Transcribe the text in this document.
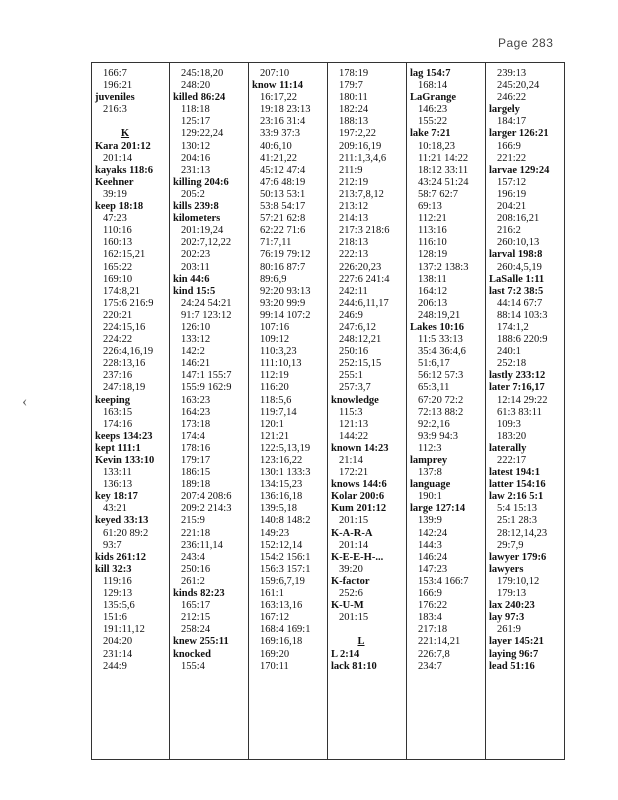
Page 283
166:7
196:21
juveniles
216:3
K
Kara 201:12
201:14
kayaks 118:6
Keehner
39:19
keep 18:18
47:23
110:16
160:13
162:15,21
165:22
169:10
174:8,21
175:6 216:9
220:21
224:15,16
224:22
226:4,16,19
228:13,16
237:16
247:18,19
keeping
163:15
174:16
keeps 134:23
kept 111:1
Kevin 133:10
133:11
136:13
key 18:17
43:21
keyed 33:13
61:20 89:2
93:7
kids 261:12
kill 32:3
119:16
129:13
135:5,6
151:6
191:11,12
204:20
231:14
244:9
245:18,20
248:20
killed 86:24
118:18
125:17
129:22,24
130:12
204:16
231:13
killing 204:6
205:2
kills 239:8
kilometers
201:19,24
202:7,12,22
202:23
203:11
kin 44:6
kind 15:5
24:24 54:21
91:7 123:12
126:10
133:12
142:2
146:21
147:1 155:7
155:9 162:9
163:23
164:23
173:18
174:4
178:16
179:17
186:15
189:18
207:4 208:6
209:2 214:3
215:9
221:18
236:11,14
243:4
250:16
261:2
kinds 82:23
165:17
212:15
258:24
knew 255:11
knocked
155:4
207:10
know 11:14
16:17,22
19:18 23:13
23:16 31:4
33:9 37:3
40:6,10
41:21,22
45:12 47:4
47:6 48:19
50:13 53:1
53:8 54:17
57:21 62:8
62:22 71:6
71:7,11
76:19 79:12
80:16 87:7
89:6,9
92:20 93:13
93:20 99:9
99:14 107:2
107:16
109:12
110:3,23
111:10,13
112:19
116:20
118:5,6
119:7,14
120:1
121:21
122:5,13,19
123:16,22
130:1 133:3
134:15,23
136:16,18
139:5,18
140:8 148:2
149:23
152:12,14
154:2 156:1
156:3 157:1
159:6,7,19
161:1
163:13,16
167:12
168:4 169:1
169:16,18
169:20
170:11
178:19
179:7
180:11
182:24
188:13
197:2,22
209:16,19
211:1,3,4,6
211:9
212:19
213:7,8,12
213:12
214:13
217:3 218:6
218:13
222:13
226:20,23
227:6 241:4
242:11
244:6,11,17
246:9
247:6,12
248:12,21
250:16
252:15,15
255:1
257:3,7
knowledge
115:3
121:13
144:22
known 14:23
21:14
172:21
knows 144:6
Kolar 200:6
Kum 201:12
201:15
K-A-R-A
201:14
K-E-E-H-...
39:20
K-factor
252:6
K-U-M
201:15
L
L 2:14
lack 81:10
lag 154:7
168:14
LaGrange
146:23
155:22
lake 7:21
10:18,23
11:21 14:22
18:12 33:11
43:24 51:24
58:7 62:7
69:13
112:21
113:16
116:10
128:19
137:2 138:3
138:11
164:12
206:13
248:19,21
Lakes 10:16
11:5 33:13
35:4 36:4,6
51:6,17
56:12 57:3
65:3,11
67:20 72:2
72:13 88:2
92:2,16
93:9 94:3
112:3
lamprey
137:8
language
190:1
large 127:14
139:9
142:24
144:3
146:24
147:23
153:4 166:7
166:9
176:22
183:4
217:18
221:14,21
226:7,8
234:7
239:13
245:20,24
246:22
largely
184:17
larger 126:21
166:9
221:22
larvae 129:24
157:12
196:19
204:21
208:16,21
216:2
260:10,13
larval 198:8
260:4,5,19
LaSalle 1:11
last 7:2 38:5
44:14 67:7
88:14 103:3
174:1,2
188:6 220:9
240:1
252:18
lastly 233:12
later 7:16,17
12:14 29:22
61:3 83:11
109:3
183:20
laterally
222:17
latest 194:1
latter 154:16
law 2:16 5:1
5:4 15:13
25:1 28:3
28:12,14,23
29:7,9
lawyer 179:6
lawyers
179:10,12
179:13
lax 240:23
lay 97:3
261:9
layer 145:21
laying 96:7
lead 51:16
‹
